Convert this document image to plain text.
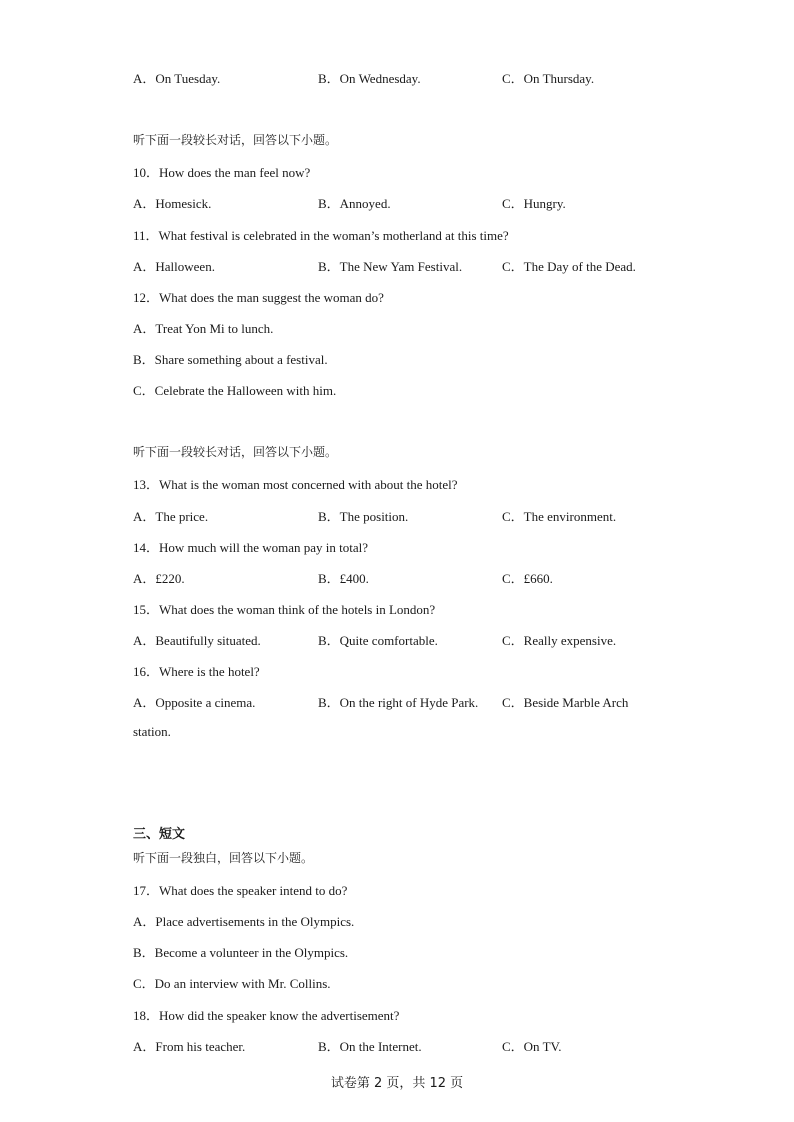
A．On Tuesday.	B．On Wednesday.	C．On Thursday.
听下面一段较长对话，回答以下小题。
10．How does the man feel now?
A．Homesick.	B．Annoyed.	C．Hungry.
11．What festival is celebrated in the woman’s motherland at this time?
A．Halloween.	B．The New Yam Festival.	C．The Day of the Dead.
12．What does the man suggest the woman do?
A．Treat Yon Mi to lunch.
B．Share something about a festival.
C．Celebrate the Halloween with him.
听下面一段较长对话，回答以下小题。
13．What is the woman most concerned with about the hotel?
A．The price.	B．The position.	C．The environment.
14．How much will the woman pay in total?
A．£220.	B．£400.	C．£660.
15．What does the woman think of the hotels in London?
A．Beautifully situated.	B．Quite comfortable.	C．Really expensive.
16．Where is the hotel?
A．Opposite a cinema.	B．On the right of Hyde Park. C．Beside Marble Arch
station.
三、短文
听下面一段独白，回答以下小题。
17．What does the speaker intend to do?
A．Place advertisements in the Olympics.
B．Become a volunteer in the Olympics.
C．Do an interview with Mr. Collins.
18．How did the speaker know the advertisement?
A．From his teacher.	B．On the Internet.	C．On TV.
试卷第 2 页，共 12 页
